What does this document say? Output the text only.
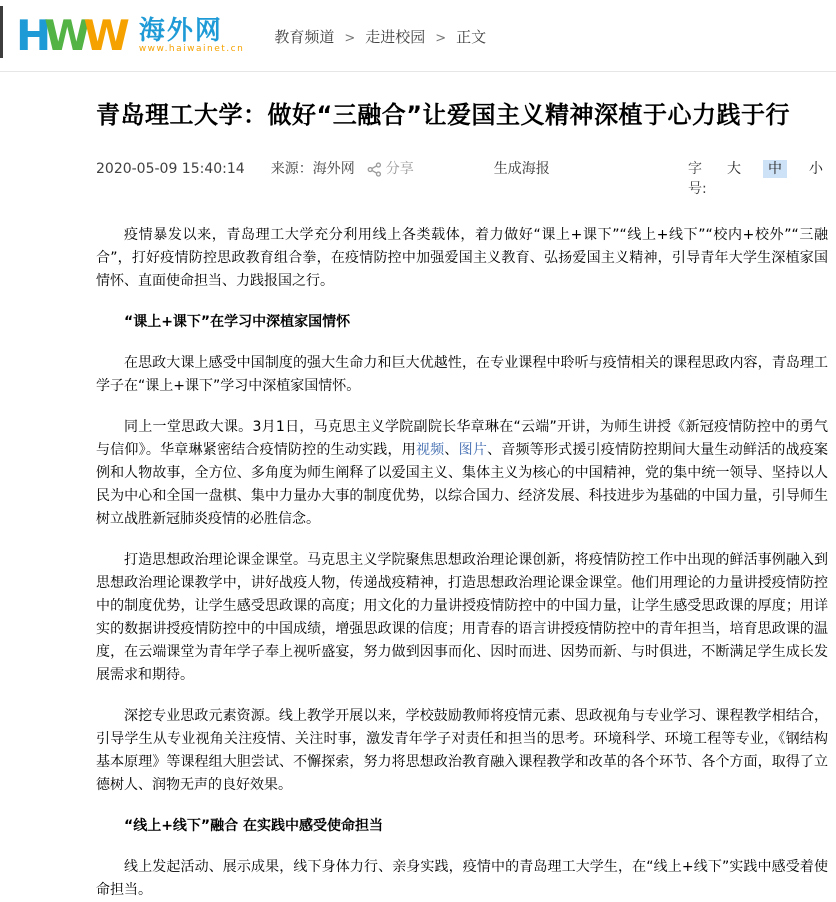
HWW 海外网
www.haiwainet.cn
教育频道 > 走进校园 > 正文
青岛理工大学：做好“三融合”让爱国主义精神深植于心力践于行
2020-05-09 15:40:14 来源：海外网 分享	生成海报	字号:
大 中 小

疫情暴发以来，青岛理工大学充分利用线上各类载体，着力做好“课上+课下”“线上+线下”“校内+校外”“三融合”，打好疫情防控思政教育组合拳，在疫情防控中加强爱国主义教育、弘扬爱国主义精神，引导青年大学生深植家国情怀、直面使命担当、力践报国之行。

“课上+课下”在学习中深植家国情怀

在思政大课上感受中国制度的强大生命力和巨大优越性，在专业课程中聆听与疫情相关的课程思政内容，青岛理工学子在“课上+课下”学习中深植家国情怀。

同上一堂思政大课。3月1日，马克思主义学院副院长华章琳在“云端”开讲，为师生讲授《新冠疫情防控中的勇气与信仰》。华章琳紧密结合疫情防控的生动实践，用视频、图片、音频等形式援引疫情防控期间大量生动鲜活的战疫案例和人物故事，全方位、多角度为师生阐释了以爱国主义、集体主义为核心的中国精神，党的集中统一领导、坚持以人民为中心和全国一盘棋、集中力量办大事的制度优势，以综合国力、经济发展、科技进步为基础的中国力量，引导师生树立战胜新冠肺炎疫情的必胜信念。

打造思想政治理论课金课堂。马克思主义学院聚焦思想政治理论课创新，将疫情防控工作中出现的鲜活事例融入到思想政治理论课教学中，讲好战疫人物，传递战疫精神，打造思想政治理论课金课堂。他们用理论的力量讲授疫情防控中的制度优势，让学生感受思政课的高度；用文化的力量讲授疫情防控中的中国力量，让学生感受思政课的厚度；用详实的数据讲授疫情防控中的中国成绩，增强思政课的信度；用青春的语言讲授疫情防控中的青年担当，培育思政课的温度，在云端课堂为青年学子奉上视听盛宴，努力做到因事而化、因时而进、因势而新、与时俱进，不断满足学生成长发展需求和期待。

深挖专业思政元素资源。线上教学开展以来，学校鼓励教师将疫情元素、思政视角与专业学习、课程教学相结合，引导学生从专业视角关注疫情、关注时事，激发青年学子对责任和担当的思考。环境科学、环境工程等专业，《钢结构基本原理》等课程组大胆尝试、不懈探索，努力将思想政治教育融入课程教学和改革的各个环节、各个方面，取得了立德树人、润物无声的良好效果。

“线上+线下”融合 在实践中感受使命担当

线上发起活动、展示成果，线下身体力行、亲身实践，疫情中的青岛理工大学生，在“线上+线下”实践中感受着使命担当。
